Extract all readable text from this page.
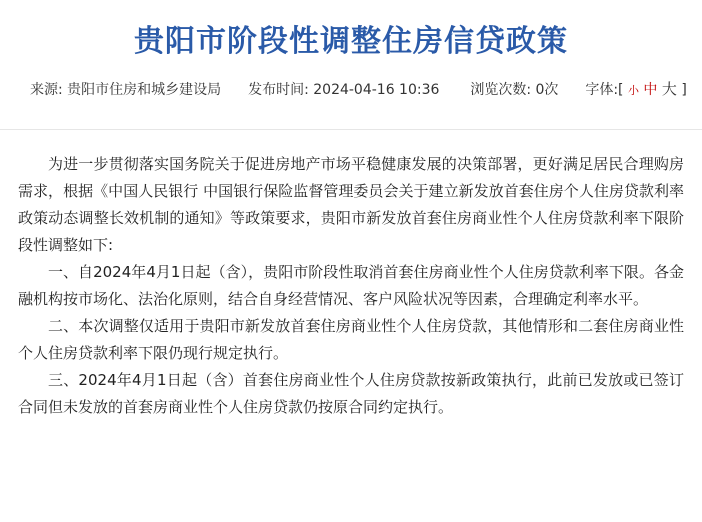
贵阳市阶段性调整住房信贷政策
来源: 贵阳市住房和城乡建设局 发布时间: 2024-04-16 10:36 浏览次数: 0次 字体:[ 小 中 大 ]

为进一步贯彻落实国务院关于促进房地产市场平稳健康发展的决策部署，更好满足居民合理购房需求，根据《中国人民银行 中国银行保险监督管理委员会关于建立新发放首套住房个人住房贷款利率政策动态调整长效机制的通知》等政策要求，贵阳市新发放首套住房商业性个人住房贷款利率下限阶段性调整如下:

一、自2024年4月1日起（含），贵阳市阶段性取消首套住房商业性个人住房贷款利率下限。各金融机构按市场化、法治化原则，结合自身经营情况、客户风险状况等因素，合理确定利率水平。

二、本次调整仅适用于贵阳市新发放首套住房商业性个人住房贷款，其他情形和二套住房商业性个人住房贷款利率下限仍现行规定执行。

三、2024年4月1日起（含）首套住房商业性个人住房贷款按新政策执行，此前已发放或已签订合同但未发放的首套房商业性个人住房贷款仍按原合同约定执行。
